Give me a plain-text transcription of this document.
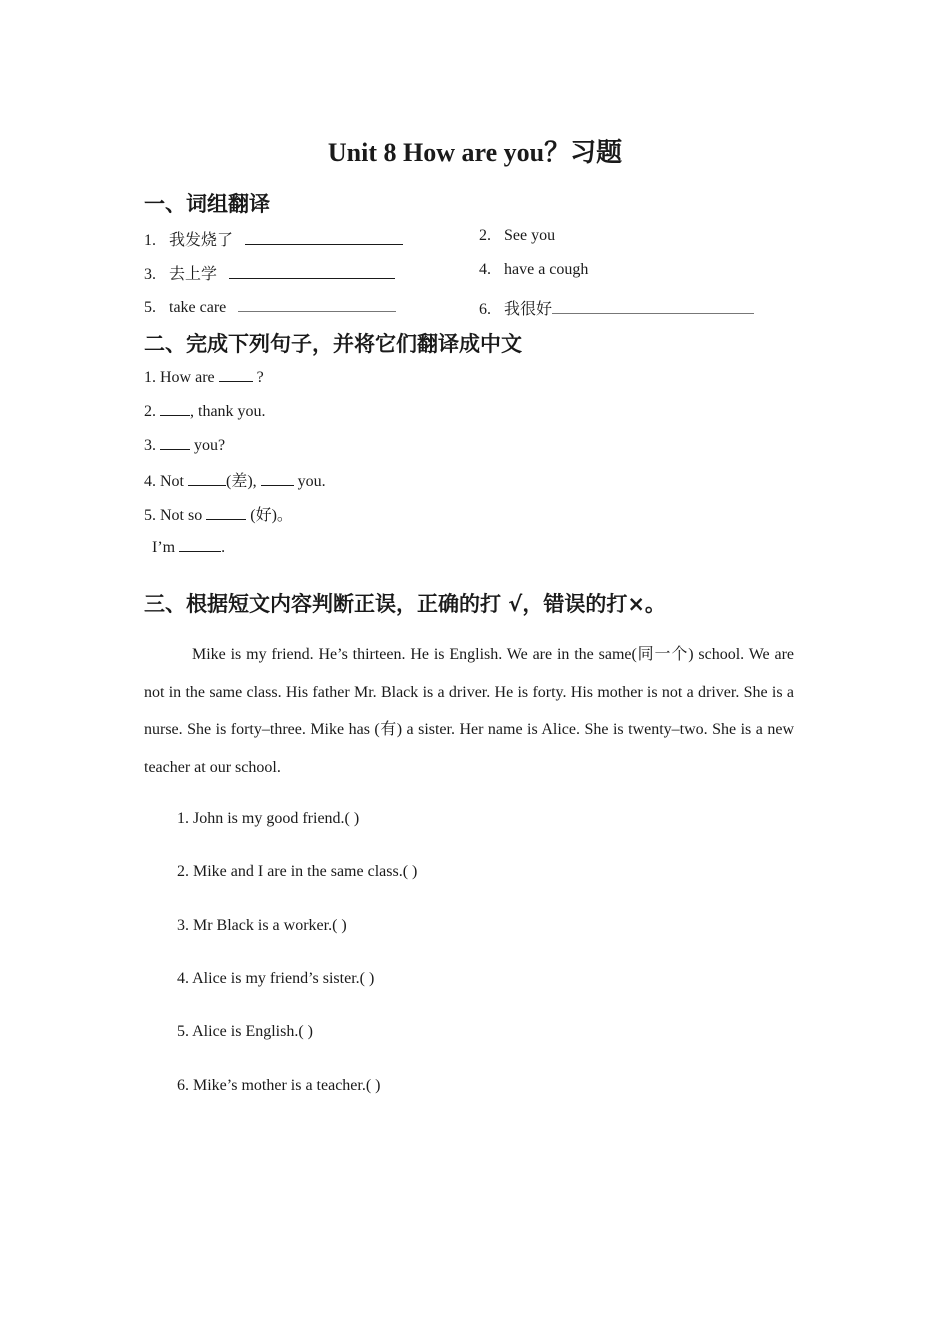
Unit 8 How are you？习题
一、词组翻译
1. 我发烧了	2. See you
3. 去上学	4. have a cough
5. take care	6. 我很好
二、完成下列句子，并将它们翻译成中文
1. How are  ?
2. , thank you.
3.  you?
4. Not	(差),  you.
5. Not so	(好)。
I’m	.
三、根据短文内容判断正误，正确的打 √，错误的打×。
Mike is my friend. He’s thirteen. He is English. We are in the same(同一个) school. We are not in the same class. His father Mr. Black is a driver. He is forty. His mother is not a driver. She is a nurse. She is forty–three. Mike has (有) a sister. Her name is Alice. She is twenty–two. She is a new teacher at our school.
1. John is my good friend.( )
2. Mike and I are in the same class.( )
3. Mr Black is a worker.( )
4. Alice is my friend’s sister.( )
5. Alice is English.( )
6. Mike’s mother is a teacher.( )
